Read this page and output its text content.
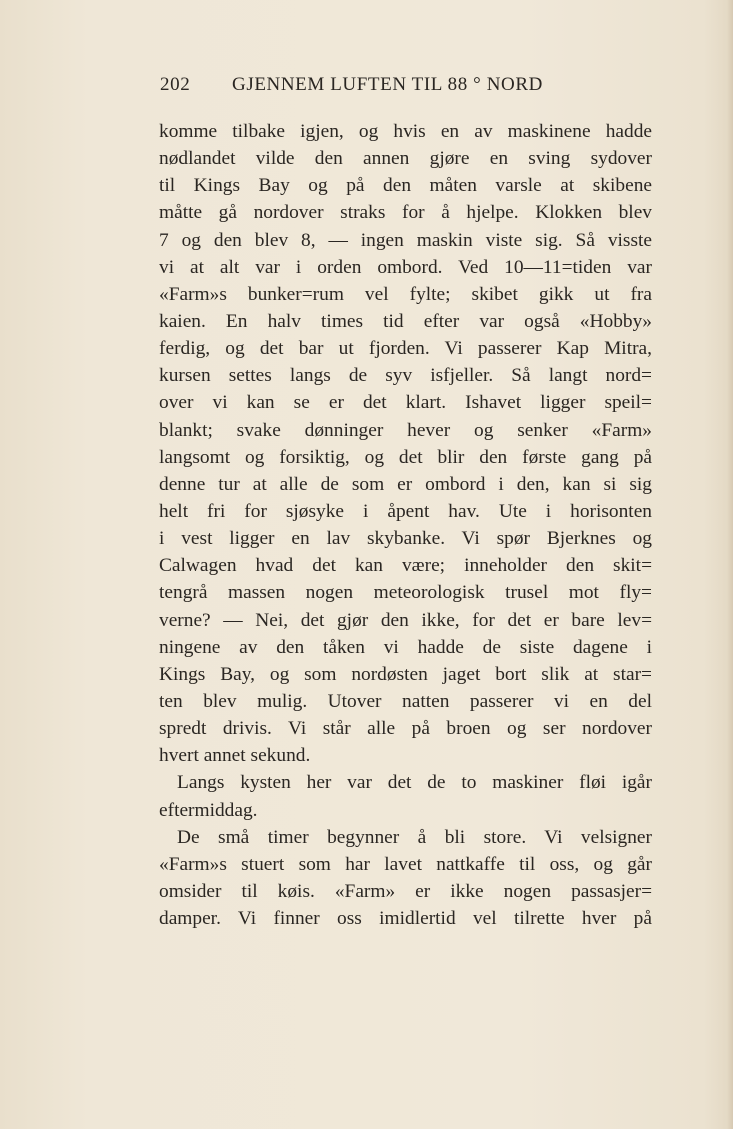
202 GJENNEM LUFTEN TIL 88 ° NORD
komme tilbake igjen, og hvis en av maskinene hadde
nødlandet vilde den annen gjøre en sving sydover
til Kings Bay og på den måten varsle at skibene
måtte gå nordover straks for å hjelpe. Klokken blev
7 og den blev 8, — ingen maskin viste sig. Så visste
vi at alt var i orden ombord. Ved 10—11=tiden var
«Farm»s bunker=rum vel fylte; skibet gikk ut fra
kaien. En halv times tid efter var også «Hobby»
ferdig, og det bar ut fjorden. Vi passerer Kap Mitra,
kursen settes langs de syv isfjeller. Så langt nord=
over vi kan se er det klart. Ishavet ligger speil=
blankt; svake dønninger hever og senker «Farm»
langsomt og forsiktig, og det blir den første gang på
denne tur at alle de som er ombord i den, kan si sig
helt fri for sjøsyke i åpent hav. Ute i horisonten
i vest ligger en lav skybanke. Vi spør Bjerknes og
Calwagen hvad det kan være; inneholder den skit=
tengrå massen nogen meteorologisk trusel mot fly=
verne? — Nei, det gjør den ikke, for det er bare lev=
ningene av den tåken vi hadde de siste dagene i
Kings Bay, og som nordøsten jaget bort slik at star=
ten blev mulig. Utover natten passerer vi en del
spredt drivis. Vi står alle på broen og ser nordover
hvert annet sekund.
Langs kysten her var det de to maskiner fløi igår
eftermiddag.
De små timer begynner å bli store. Vi velsigner
«Farm»s stuert som har lavet nattkaffe til oss, og går
omsider til køis. «Farm» er ikke nogen passasjer=
damper. Vi finner oss imidlertid vel tilrette hver på
